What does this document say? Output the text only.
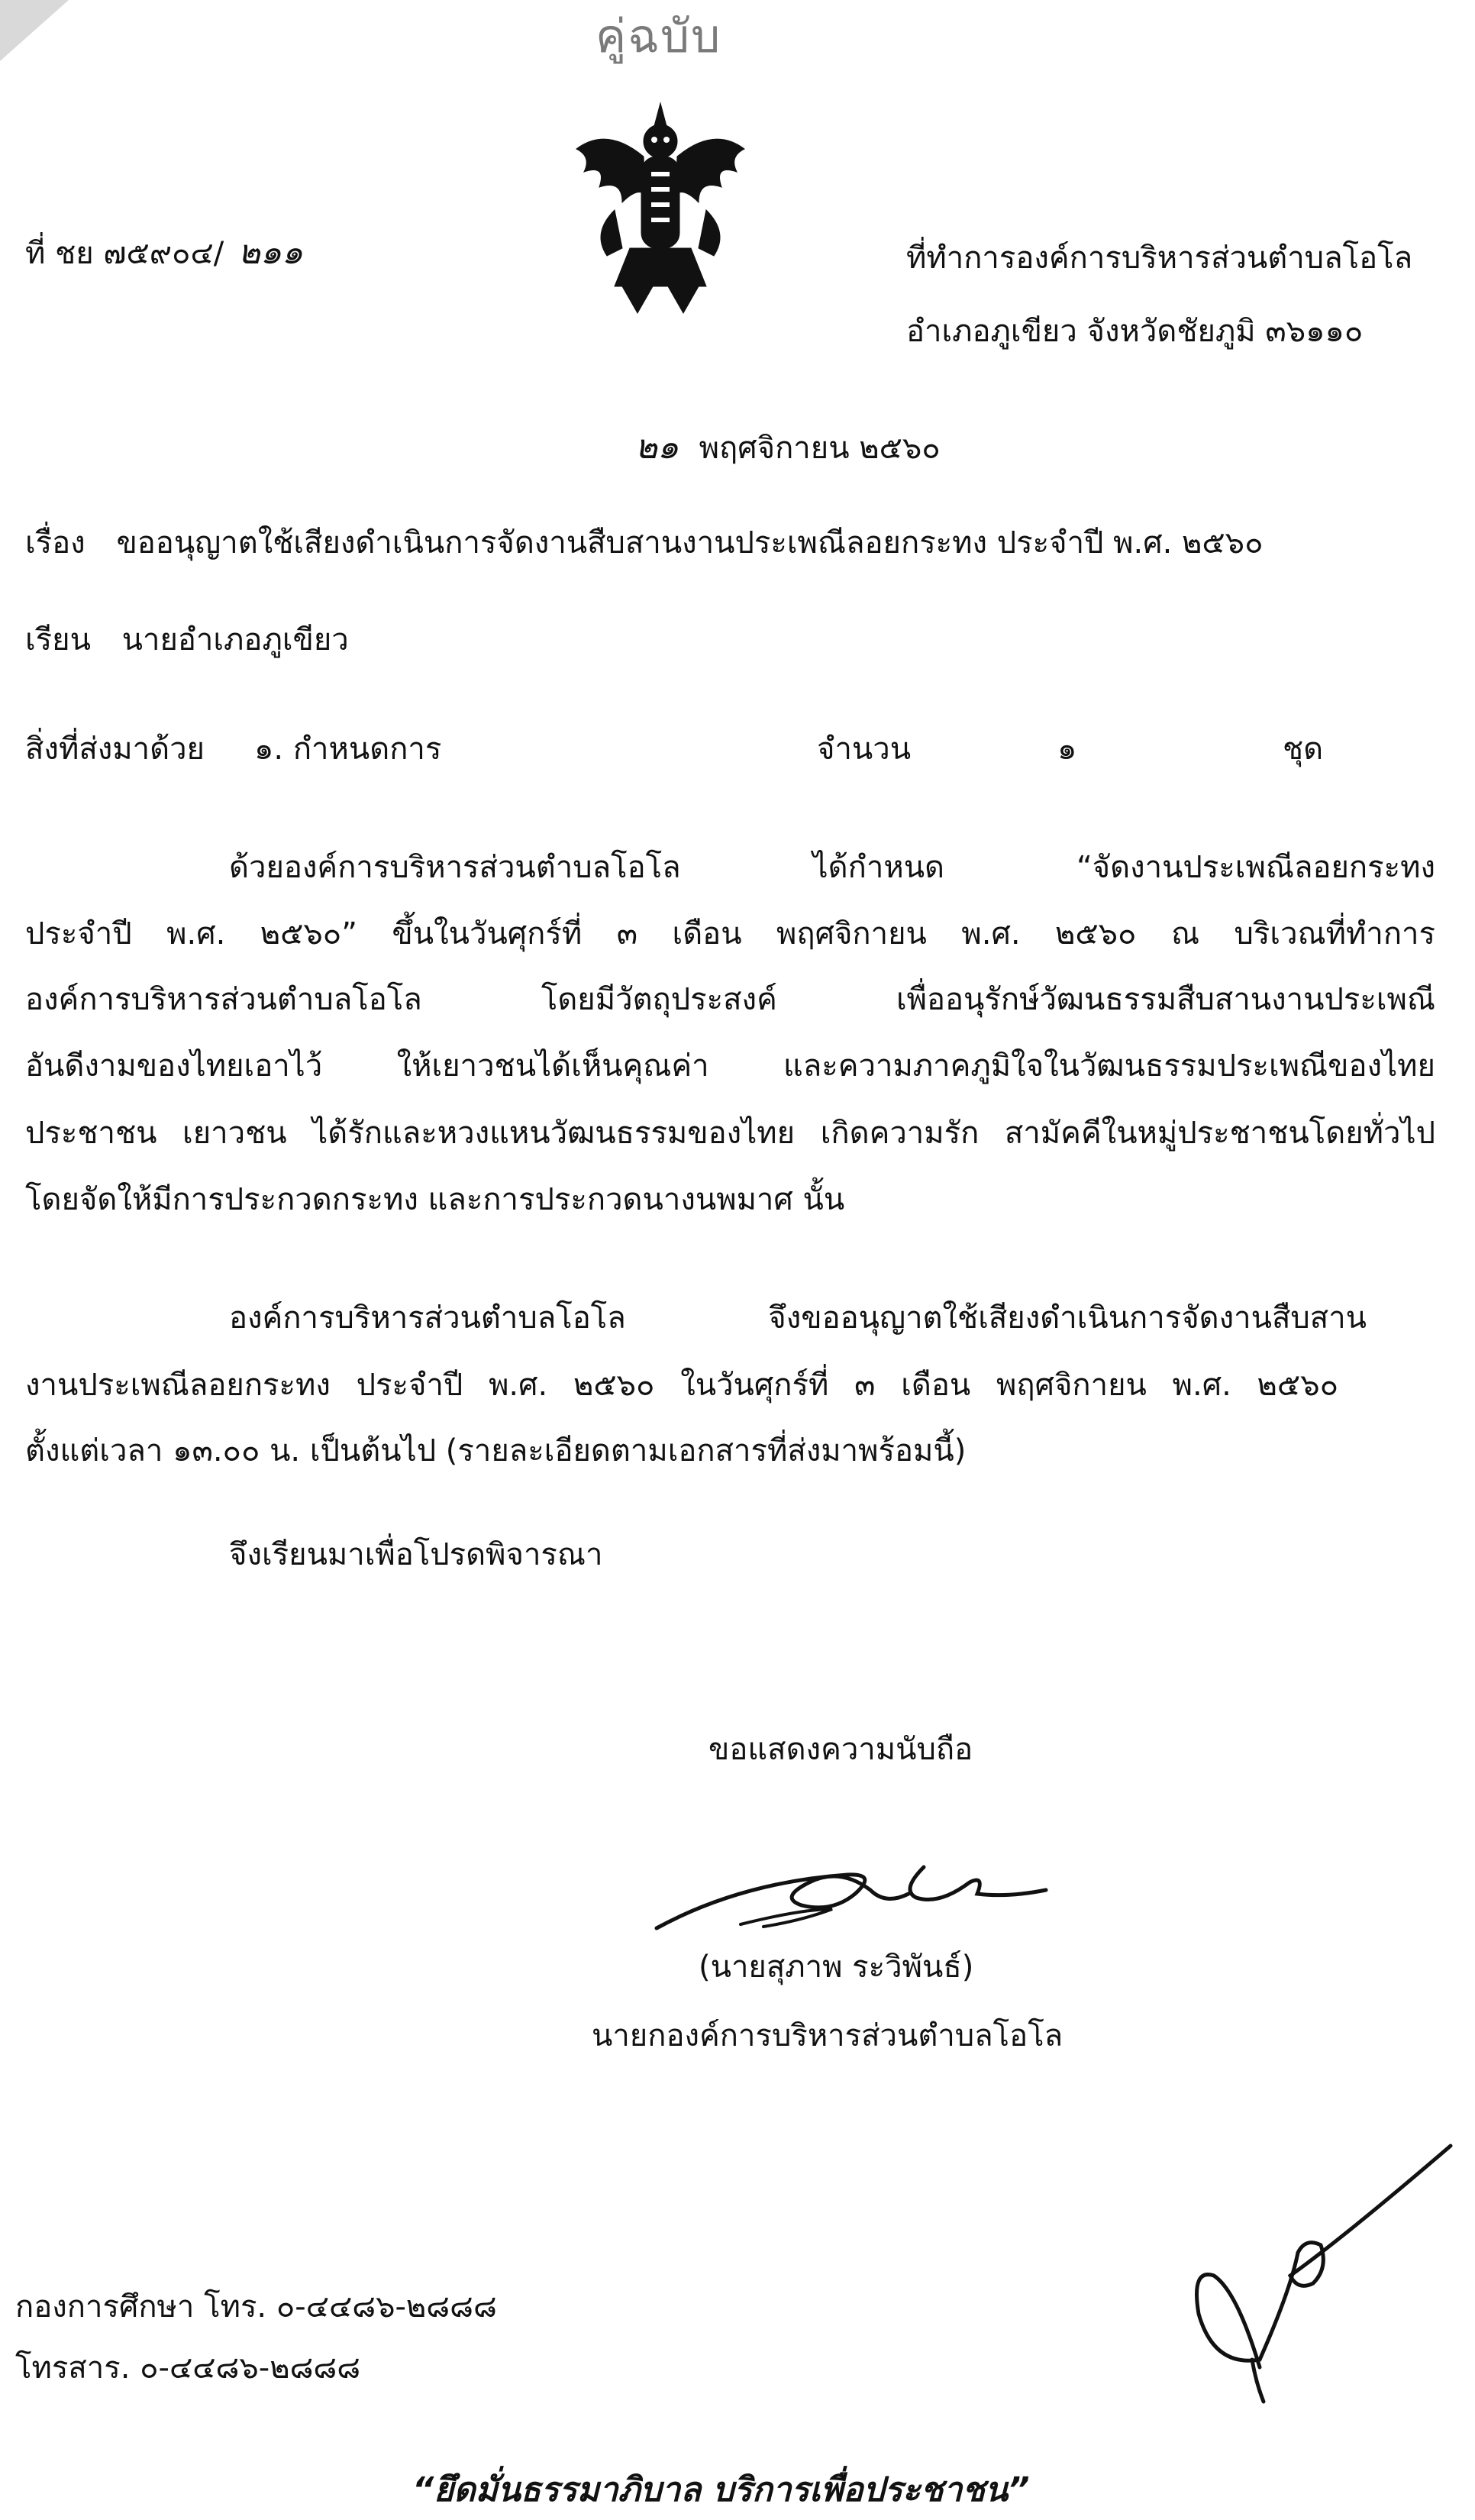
คู่ฉบับ
ที่ ชย ๗๕๙๐๔/ ๒๑๑	ที่ทำการองค์การบริหารส่วนตำบลโอโล
อำเภอภูเขียว จังหวัดชัยภูมิ ๓๖๑๑๐
๒๑ พฤศจิกายน ๒๕๖๐
เรื่อง ขออนุญาตใช้เสียงดำเนินการจัดงานสืบสานงานประเพณีลอยกระทง ประจำปี พ.ศ. ๒๕๖๐
เรียน นายอำเภอภูเขียว
สิ่งที่ส่งมาด้วย ๑. กำหนดการ	จำนวน	๑	ชุด
ด้วยองค์การบริหารส่วนตำบลโอโล ได้กำหนด “จัดงานประเพณีลอยกระทง
ประจำปี พ.ศ. ๒๕๖๐” ขึ้นในวันศุกร์ที่ ๓ เดือน พฤศจิกายน พ.ศ. ๒๕๖๐ ณ บริเวณที่ทำการ
องค์การบริหารส่วนตำบลโอโล โดยมีวัตถุประสงค์ เพื่ออนุรักษ์วัฒนธรรมสืบสานงานประเพณี
อันดีงามของไทยเอาไว้ ให้เยาวชนได้เห็นคุณค่า และความภาคภูมิใจในวัฒนธรรมประเพณีของไทย
ประชาชน เยาวชน ได้รักและหวงแหนวัฒนธรรมของไทย เกิดความรัก สามัคคีในหมู่ประชาชนโดยทั่วไป
โดยจัดให้มีการประกวดกระทง และการประกวดนางนพมาศ นั้น
องค์การบริหารส่วนตำบลโอโล จึงขออนุญาตใช้เสียงดำเนินการจัดงานสืบสาน
งานประเพณีลอยกระทง ประจำปี พ.ศ. ๒๕๖๐ ในวันศุกร์ที่ ๓ เดือน พฤศจิกายน พ.ศ. ๒๕๖๐
ตั้งแต่เวลา ๑๓.๐๐ น. เป็นต้นไป (รายละเอียดตามเอกสารที่ส่งมาพร้อมนี้)
จึงเรียนมาเพื่อโปรดพิจารณา
ขอแสดงความนับถือ
(นายสุภาพ ระวิพันธ์)
นายกองค์การบริหารส่วนตำบลโอโล
กองการศึกษา โทร. ๐-๔๔๘๖-๒๘๘๘
โทรสาร. ๐-๔๔๘๖-๒๘๘๘
“ยึดมั่นธรรมาภิบาล บริการเพื่อประชาชน”
